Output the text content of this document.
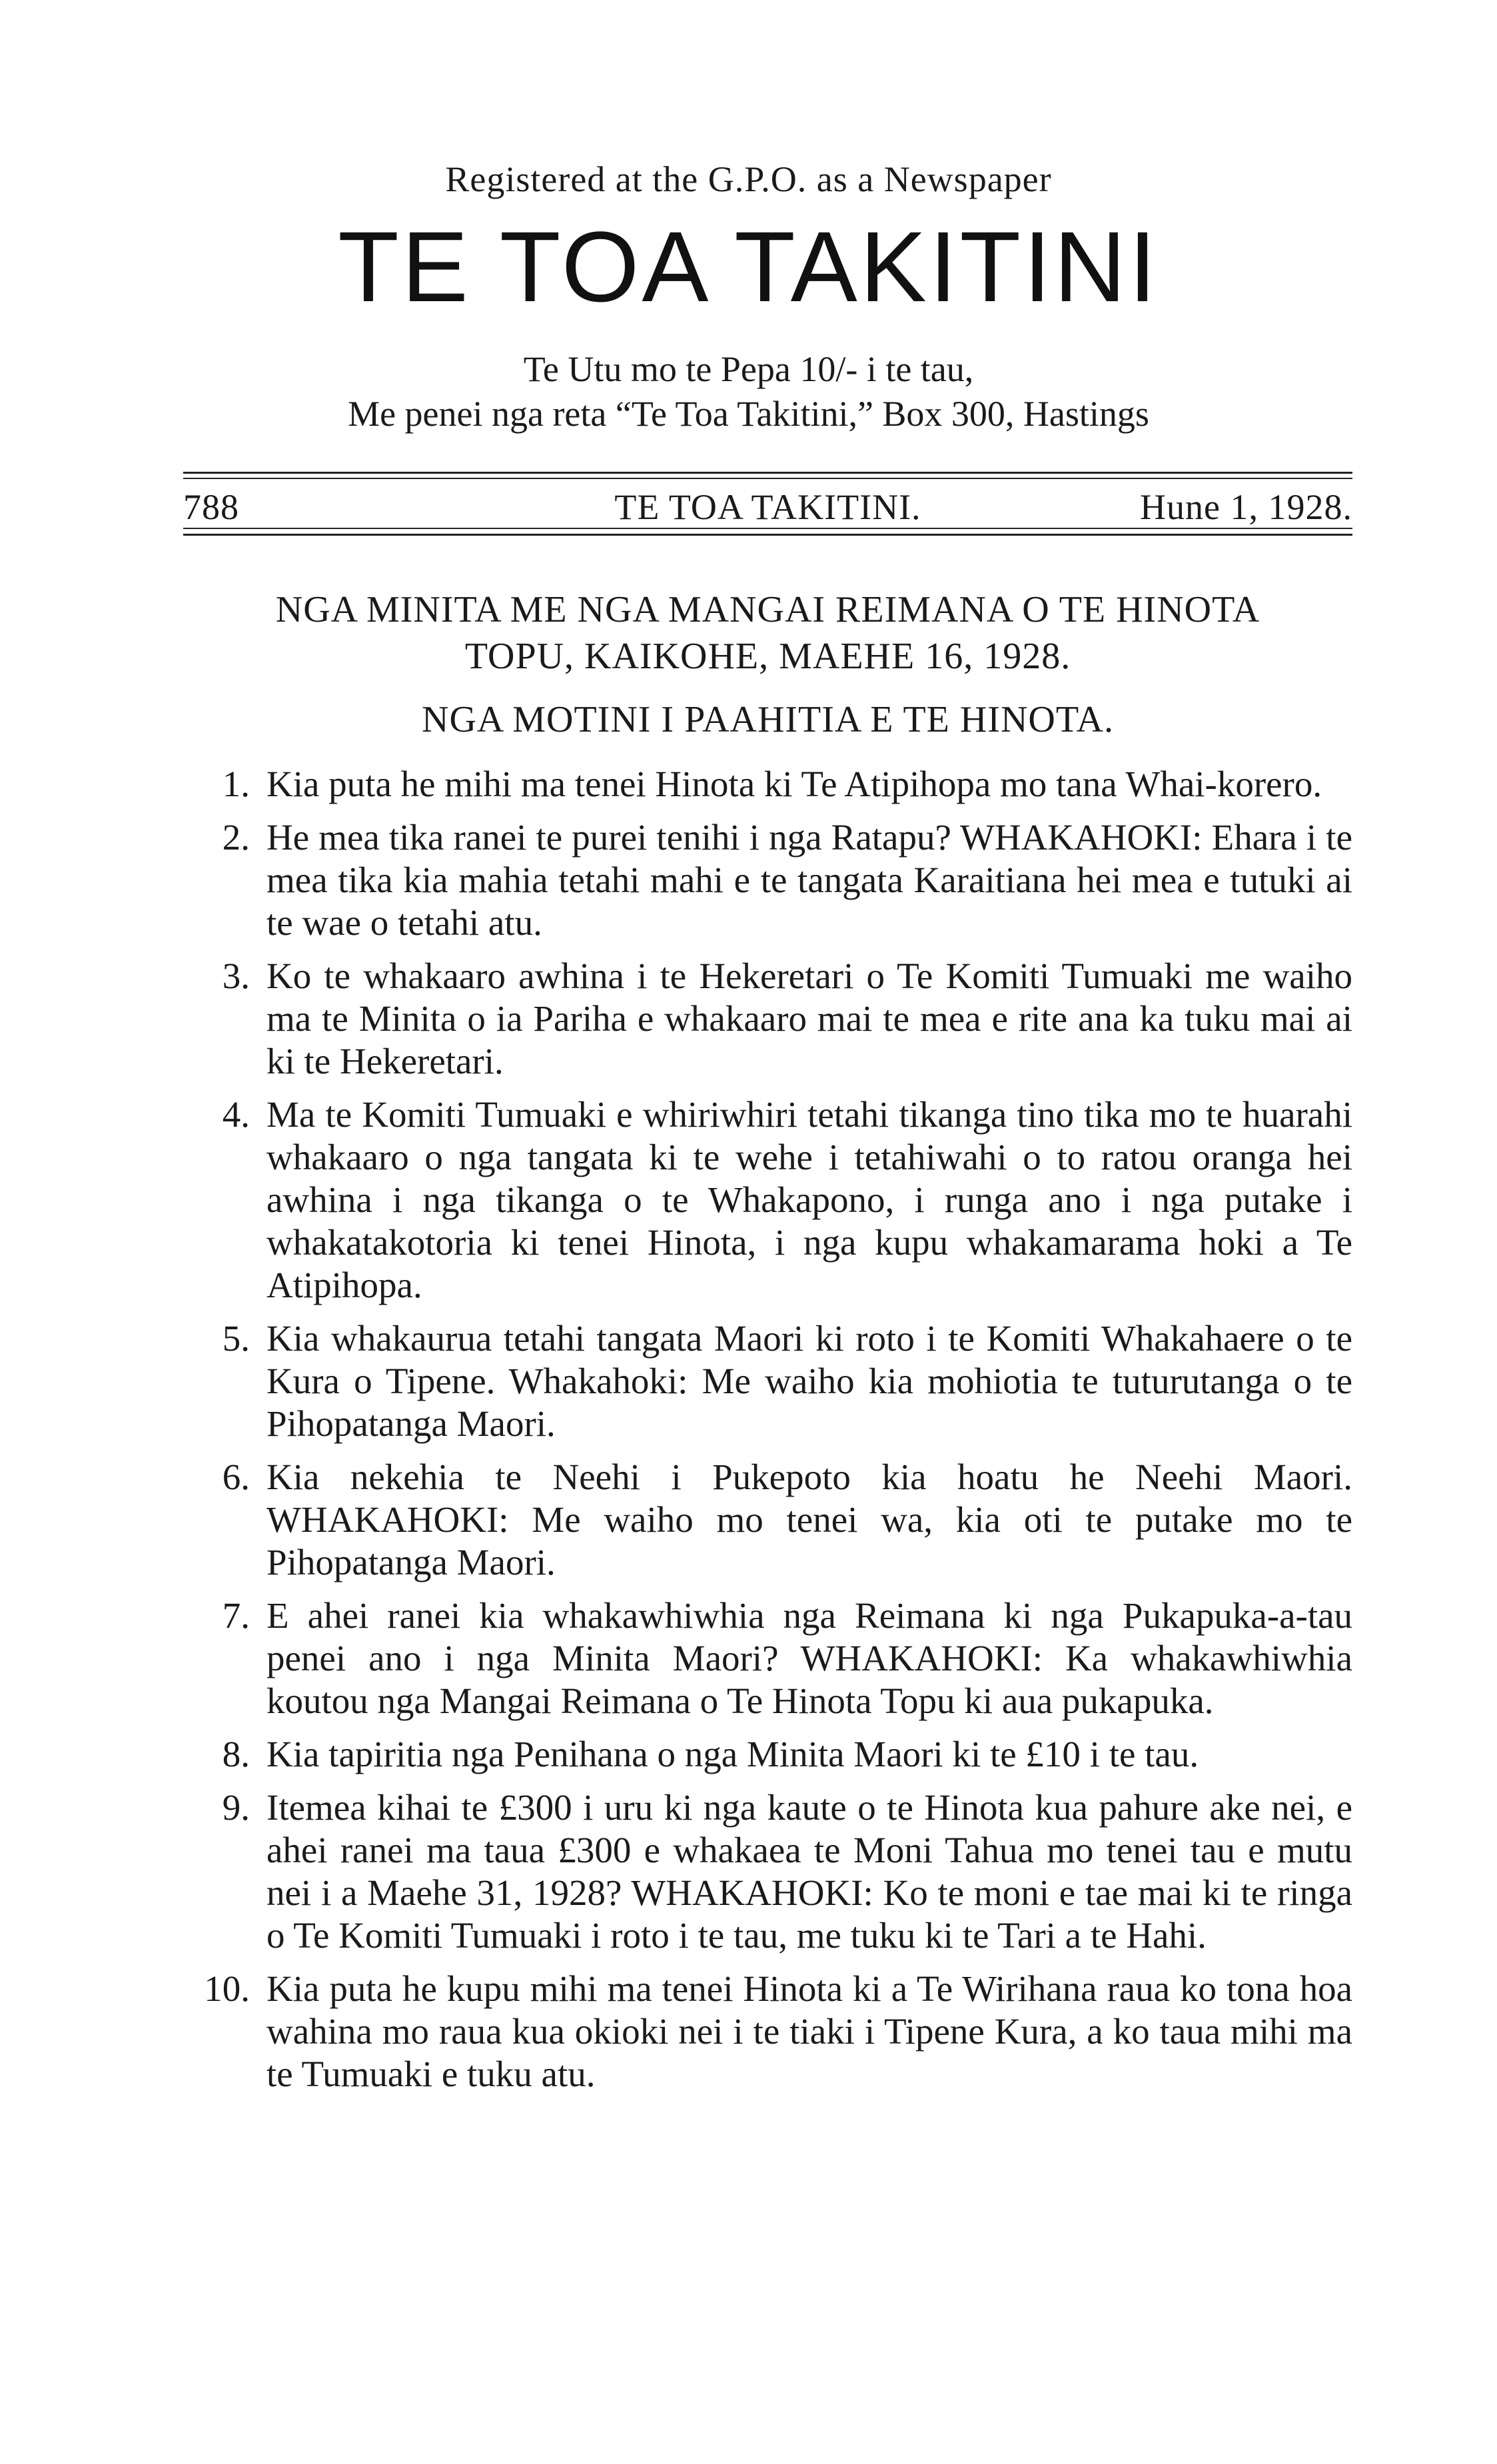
Registered at the G.P.O. as a Newspaper
TE TOA TAKITINI
Te Utu mo te Pepa 10/- i te tau,
Me penei nga reta “Te Toa Takitini,” Box 300, Hastings
788	TE TOA TAKITINI.	Hune 1, 1928.
NGA MINITA ME NGA MANGAI REIMANA O TE HINOTA
TOPU, KAIKOHE, MAEHE 16, 1928.
NGA MOTINI I PAAHITIA E TE HINOTA.
1. Kia puta he mihi ma tenei Hinota ki Te Atipihopa mo tana Whai-korero.
2. He mea tika ranei te purei tenihi i nga Ratapu? WHAKAHOKI: Ehara i te mea tika kia mahia tetahi mahi e te tangata Karaitiana hei mea e tutuki ai te wae o tetahi atu.
3. Ko te whakaaro awhina i te Hekeretari o Te Komiti Tumuaki me waiho ma te Minita o ia Pariha e whakaaro mai te mea e rite ana ka tuku mai ai ki te Hekeretari.
4. Ma te Komiti Tumuaki e whiriwhiri tetahi tikanga tino tika mo te huarahi whakaaro o nga tangata ki te wehe i tetahiwahi o to ratou oranga hei awhina i nga tikanga o te Whakapono, i runga ano i nga putake i whakatakotoria ki tenei Hinota, i nga kupu whakamarama hoki a Te Atipihopa.
5. Kia whakaurua tetahi tangata Maori ki roto i te Komiti Whakahaere o te Kura o Tipene. Whakahoki: Me waiho kia mohiotia te tuturutanga o te Pihopatanga Maori.
6. Kia nekehia te Neehi i Pukepoto kia hoatu he Neehi Maori. WHAKAHOKI: Me waiho mo tenei wa, kia oti te putake mo te Pihopatanga Maori.
7. E ahei ranei kia whakawhiwhia nga Reimana ki nga Pukapuka-a-tau penei ano i nga Minita Maori? WHAKAHOKI: Ka whakawhiwhia koutou nga Mangai Reimana o Te Hinota Topu ki aua pukapuka.
8. Kia tapiritia nga Penihana o nga Minita Maori ki te £10 i te tau.
9. Itemea kihai te £300 i uru ki nga kaute o te Hinota kua pahure ake nei, e ahei ranei ma taua £300 e whakaea te Moni Tahua mo tenei tau e mutu nei i a Maehe 31, 1928? WHAKAHOKI: Ko te moni e tae mai ki te ringa o Te Komiti Tumuaki i roto i te tau, me tuku ki te Tari a te Hahi.
10. Kia puta he kupu mihi ma tenei Hinota ki a Te Wirihana raua ko tona hoa wahina mo raua kua okioki nei i te tiaki i Tipene Kura, a ko taua mihi ma te Tumuaki e tuku atu.
